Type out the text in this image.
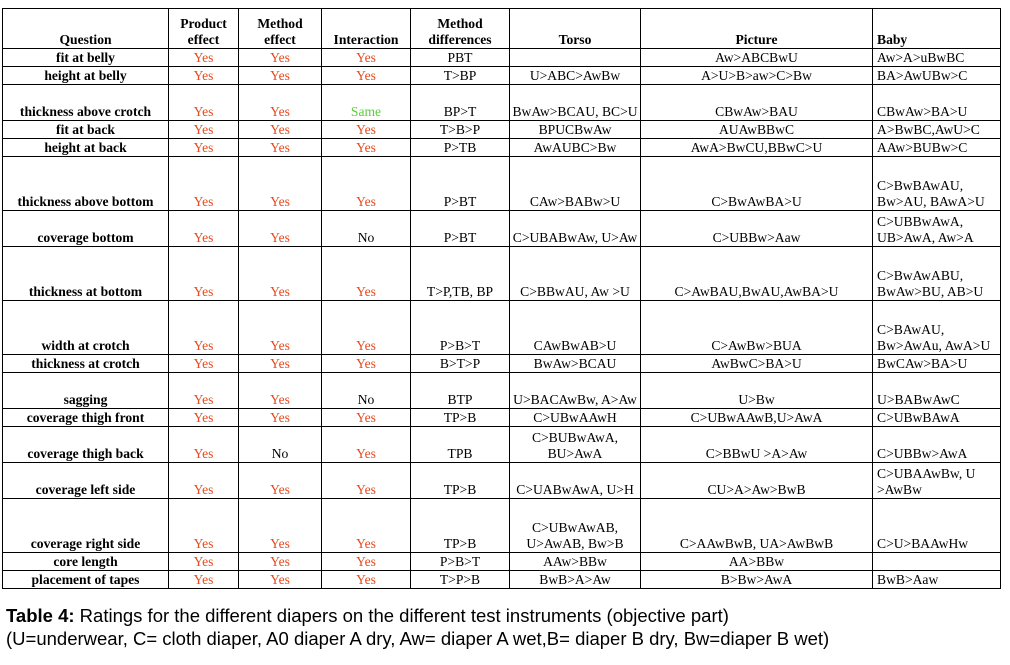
Question	Product effect	Method effect	Interaction	Method differences	Torso	Picture	Baby
fit at belly	Yes	Yes	Yes	PBT		Aw>ABCBwU	Aw>A>uBwBC
height at belly	Yes	Yes	Yes	T>BP	U>ABC>AwBw	A>U>B>aw>C>Bw	BA>AwUBw>C
thickness above crotch	Yes	Yes	Same	BP>T	BwAw>BCAU, BC>U	CBwAw>BAU	CBwAw>BA>U
fit at back	Yes	Yes	Yes	T>B>P	BPUCBwAw	AUAwBBwC	A>BwBC,AwU>C
height at back	Yes	Yes	Yes	P>TB	AwAUBC>Bw	AwA>BwCU,BBwC>U	AAw>BUBw>C
thickness above bottom	Yes	Yes	Yes	P>BT	CAw>BABw>U	C>BwAwBA>U	C>BwBAwAU, Bw>AU, BAwA>U
coverage bottom	Yes	Yes	No	P>BT	C>UBABwAw, U>Aw	C>UBBw>Aaw	C>UBBwAwA, UB>AwA, Aw>A
thickness at bottom	Yes	Yes	Yes	T>P,TB, BP	C>BBwAU, Aw >U	C>AwBAU,BwAU,AwBA>U	C>BwAwABU, BwAw>BU, AB>U
width at crotch	Yes	Yes	Yes	P>B>T	CAwBwAB>U	C>AwBw>BUA	C>BAwAU, Bw>AwAu, AwA>U
thickness at crotch	Yes	Yes	Yes	B>T>P	BwAw>BCAU	AwBwC>BA>U	BwCAw>BA>U
sagging	Yes	Yes	No	BTP	U>BACAwBw, A>Aw	U>Bw	U>BABwAwC
coverage thigh front	Yes	Yes	Yes	TP>B	C>UBwAAwH	C>UBwAAwB,U>AwA	C>UBwBAwA
coverage thigh back	Yes	No	Yes	TPB	C>BUBwAwA, BU>AwA	C>BBwU >A>Aw	C>UBBw>AwA
coverage left side	Yes	Yes	Yes	TP>B	C>UABwAwA, U>H	CU>A>Aw>BwB	C>UBAAwBw, U >AwBw
coverage right side	Yes	Yes	Yes	TP>B	C>UBwAwAB, U>AwAB, Bw>B	C>AAwBwB, UA>AwBwB	C>U>BAAwHw
core length	Yes	Yes	Yes	P>B>T	AAw>BBw	AA>BBw	
placement of tapes	Yes	Yes	Yes	T>P>B	BwB>A>Aw	B>Bw>AwA	BwB>Aaw
Table 4: Ratings for the different diapers on the different test instruments (objective part)
(U=underwear, C= cloth diaper, A0 diaper A dry, Aw= diaper A wet,B= diaper B dry, Bw=diaper B wet)
